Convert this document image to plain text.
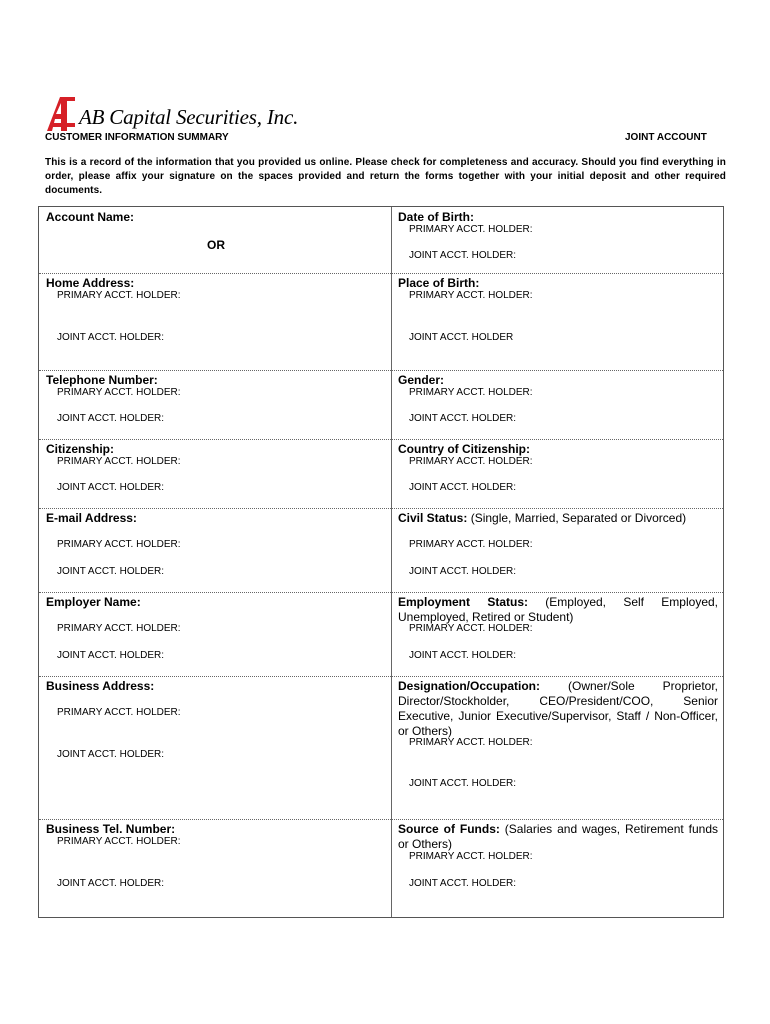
AB Capital Securities, Inc.
CUSTOMER INFORMATION SUMMARY	JOINT ACCOUNT
This is a record of the information that you provided us online. Please check for completeness and accuracy. Should you find everything in order, please affix your signature on the spaces provided and return the forms together with your initial deposit and other required documents.
Account Name:
OR
Date of Birth:
PRIMARY ACCT. HOLDER:
JOINT ACCT. HOLDER:
Home Address:
PRIMARY ACCT. HOLDER:
JOINT ACCT. HOLDER:
Place of Birth:
PRIMARY ACCT. HOLDER:
JOINT ACCT. HOLDER
Telephone Number:
PRIMARY ACCT. HOLDER:
JOINT ACCT. HOLDER:
Gender:
PRIMARY ACCT. HOLDER:
JOINT ACCT. HOLDER:
Citizenship:
PRIMARY ACCT. HOLDER:
JOINT ACCT. HOLDER:
Country of Citizenship:
PRIMARY ACCT. HOLDER:
JOINT ACCT. HOLDER:
E-mail Address:
PRIMARY ACCT. HOLDER:
JOINT ACCT. HOLDER:
Civil Status: (Single, Married, Separated or Divorced)
PRIMARY ACCT. HOLDER:
JOINT ACCT. HOLDER:
Employer Name:
PRIMARY ACCT. HOLDER:
JOINT ACCT. HOLDER:
Employment Status: (Employed, Self Employed, Unemployed, Retired or Student)
PRIMARY ACCT. HOLDER:
JOINT ACCT. HOLDER:
Business Address:
PRIMARY ACCT. HOLDER:
JOINT ACCT. HOLDER:
Designation/Occupation: (Owner/Sole Proprietor, Director/Stockholder, CEO/President/COO, Senior Executive, Junior Executive/Supervisor, Staff / Non-Officer, or Others)
PRIMARY ACCT. HOLDER:
JOINT ACCT. HOLDER:
Business Tel. Number:
PRIMARY ACCT. HOLDER:
JOINT ACCT. HOLDER:
Source of Funds: (Salaries and wages, Retirement funds or Others)
PRIMARY ACCT. HOLDER:
JOINT ACCT. HOLDER:
